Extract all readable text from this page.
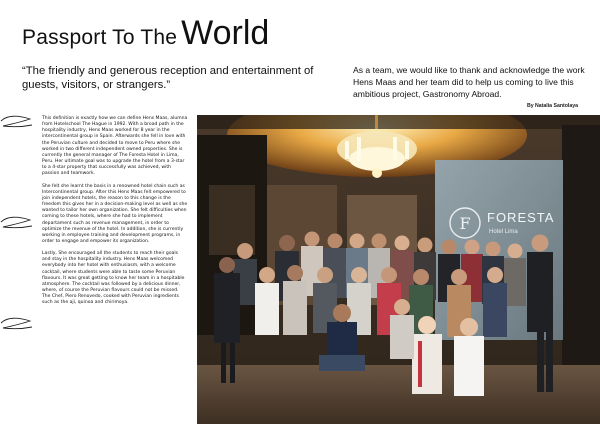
Passport To The World
“The friendly and generous reception and entertainment of guests, visitors, or strangers.”
As a team, we would like to thank and acknowledge the work Hens Maas and her team did to help us coming to live this ambitious project, Gastronomy Abroad.
By Natalia Santolaya

This definition is exactly how we can define Hens Maas, alumna from Hotelschool The Hague in 1992. With a broad path in the hospitality industry, Hens Maas worked for 8 year in the intercontinental group in Spain. Afterwards she fell in love with the Peruvian culture and decided to move to Peru where she worked in two different independent owned properties. She is currently the general manager of The Foresta Hotel in Lima, Peru. Her ultimate goal was to upgrade the hotel from a 3-star to a 4-star property that successfully was achieved, with passion and teamwork.

She felt she learnt the basis in a renowned hotel chain such as Intercontinental group. After this Hens Maas felt empowered to join independent hotels, the reason to this change is the freedom this gives her in a decision-making level as well as she wanted to tailor her own organization. She felt difficulties when coming to these hotels, where she had to implement departament such as revenue management, in order to optimize the revenue of the hotel. In addition, she is currently working in employee training and development programs, in order to engage and empower its organization.

Lastly, She encouraged all the students to reach their goals and stay in the hospitality industry. Hens Maas welcomed everybody into her hotel with enthusiasm, with a welcome cocktail, where students were able to taste some Peruvian flavours. It was great getting to know her team in a hospitable atmosphere. The cocktail was followed by a delicious dinner, where, of course the Peruvian flavours could not be missed. The Chef, Piero Renovedo, cooked with Peruvian ingredients such as the aji, quinoa and chirimoya.

F FORESTA
Hotel Lima
